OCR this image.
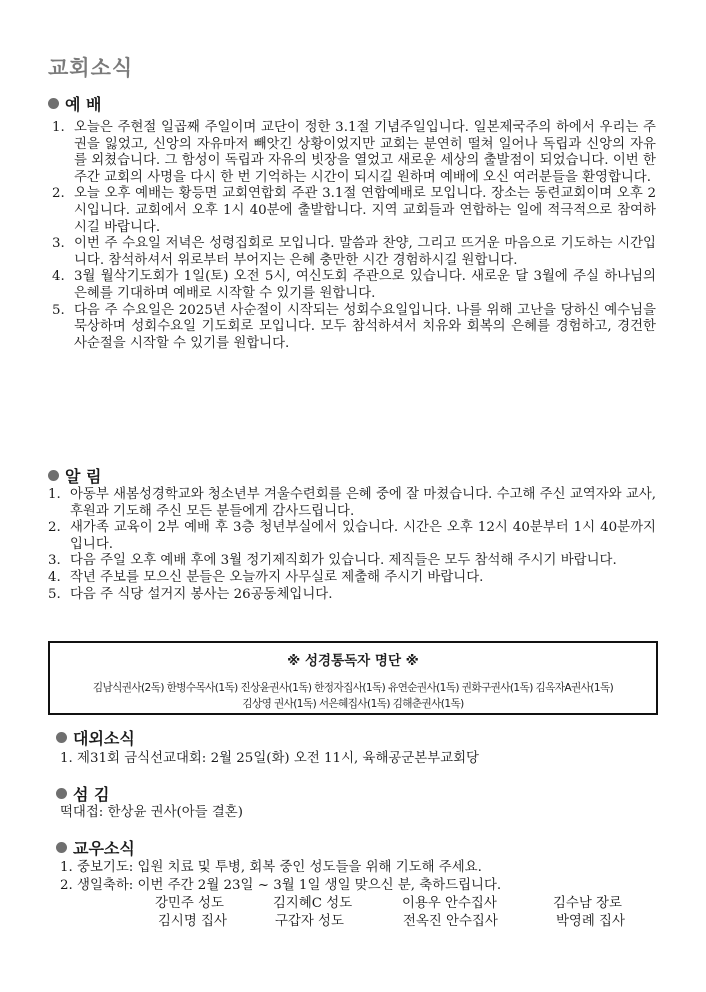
교회소식
예 배
1. 오늘은 주현절 일곱째 주일이며 교단이 정한 3.1절 기념주일입니다. 일본제국주의 하에서 우리는 주권을 잃었고, 신앙의 자유마저 빼앗긴 상황이었지만 교회는 분연히 떨쳐 일어나 독립과 신앙의 자유를 외쳤습니다. 그 함성이 독립과 자유의 빗장을 열었고 새로운 세상의 출발점이 되었습니다. 이번 한 주간 교회의 사명을 다시 한 번 기억하는 시간이 되시길 원하며 예배에 오신 여러분들을 환영합니다.
2. 오늘 오후 예배는 황등면 교회연합회 주관 3.1절 연합예배로 모입니다. 장소는 동련교회이며 오후 2시입니다. 교회에서 오후 1시 40분에 출발합니다. 지역 교회들과 연합하는 일에 적극적으로 참여하시길 바랍니다.
3. 이번 주 수요일 저녁은 성령집회로 모입니다. 말씀과 찬양, 그리고 뜨거운 마음으로 기도하는 시간입니다. 참석하셔서 위로부터 부어지는 은혜 충만한 시간 경험하시길 원합니다.
4. 3월 월삭기도회가 1일(토) 오전 5시, 여신도회 주관으로 있습니다. 새로운 달 3월에 주실 하나님의 은혜를 기대하며 예배로 시작할 수 있기를 원합니다.
5. 다음 주 수요일은 2025년 사순절이 시작되는 성회수요일입니다. 나를 위해 고난을 당하신 예수님을 묵상하며 성회수요일 기도회로 모입니다. 모두 참석하셔서 치유와 회복의 은혜를 경험하고, 경건한 사순절을 시작할 수 있기를 원합니다.
알 림
1. 아동부 새봄성경학교와 청소년부 겨울수련회를 은혜 중에 잘 마쳤습니다. 수고해 주신 교역자와 교사, 후원과 기도해 주신 모든 분들에게 감사드립니다.
2. 새가족 교육이 2부 예배 후 3층 청년부실에서 있습니다. 시간은 오후 12시 40분부터 1시 40분까지입니다.
3. 다음 주일 오후 예배 후에 3월 정기제직회가 있습니다. 제직들은 모두 참석해 주시기 바랍니다.
4. 작년 주보를 모으신 분들은 오늘까지 사무실로 제출해 주시기 바랍니다.
5. 다음 주 식당 설거지 봉사는 26공동체입니다.
※ 성경통독자 명단 ※
김남식권사(2독) 한병수목사(1독) 진상윤권사(1독) 한정자집사(1독) 유연순권사(1독) 권화구권사(1독) 김옥자A권사(1독)
김상영 권사(1독) 서은혜집사(1독) 김해춘권사(1독)
대외소식
1. 제31회 금식선교대회: 2월 25일(화) 오전 11시, 육해공군본부교회당
섬 김
떡대접: 한상윤 권사(아들 결혼)
교우소식
1. 중보기도: 입원 치료 및 투병, 회복 중인 성도들을 위해 기도해 주세요.
2. 생일축하: 이번 주간 2월 23일 ~ 3월 1일 생일 맞으신 분, 축하드립니다.
강민주 성도	김지혜C 성도	이용우 안수집사	김수남 장로
김시명 집사	구갑자 성도	전옥진 안수집사	박영례 집사
